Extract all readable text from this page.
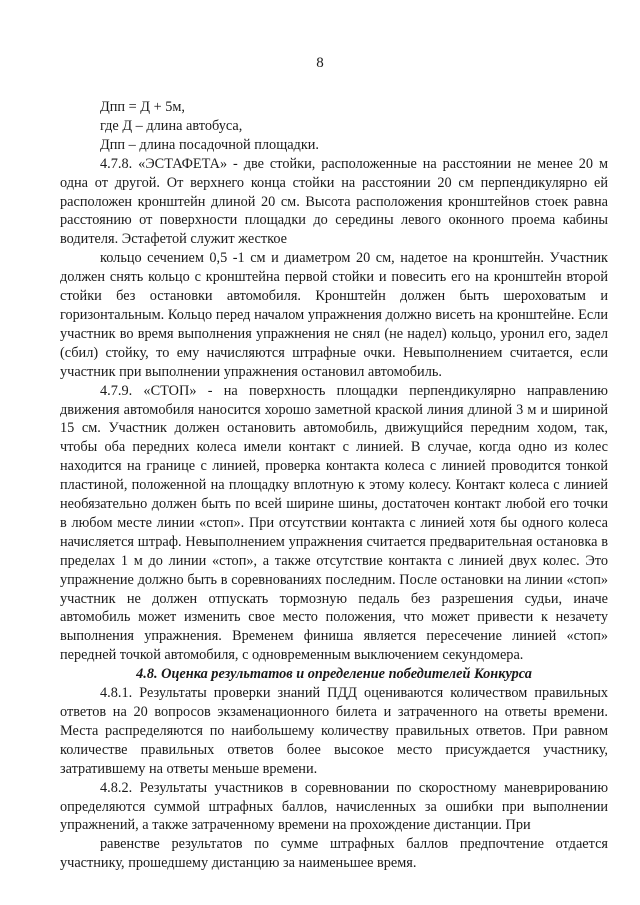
8

Дпп = Д + 5м,

где Д – длина автобуса,

Дпп – длина посадочной площадки.

4.7.8. «ЭСТАФЕТА» - две стойки, расположенные на расстоянии не менее 20 м одна от другой. От верхнего конца стойки на расстоянии 20 см перпендикулярно ей расположен кронштейн длиной 20 см. Высота расположения кронштейнов стоек равна расстоянию от поверхности площадки до середины левого оконного проема кабины водителя. Эстафетой служит жесткое

кольцо сечением 0,5 -1 см и диаметром 20 см, надетое на кронштейн. Участник должен снять кольцо с кронштейна первой стойки и повесить его на кронштейн второй стойки без остановки автомобиля. Кронштейн должен быть шероховатым и горизонтальным. Кольцо перед началом упражнения должно висеть на кронштейне. Если участник во время выполнения упражнения не снял (не надел) кольцо, уронил его, задел (сбил) стойку, то ему начисляются штрафные очки. Невыполнением считается, если участник при выполнении упражнения остановил автомобиль.

4.7.9. «СТОП» - на поверхность площадки перпендикулярно направлению движения автомобиля наносится хорошо заметной краской линия длиной 3 м и шириной 15 см. Участник должен остановить автомобиль, движущийся передним ходом, так, чтобы оба передних колеса имели контакт с линией. В случае, когда одно из колес находится на границе с линией, проверка контакта колеса с линией проводится тонкой пластиной, положенной на площадку вплотную к этому колесу. Контакт колеса с линией необязательно должен быть по всей ширине шины, достаточен контакт любой его точки в любом месте линии «стоп». При отсутствии контакта с линией хотя бы одного колеса начисляется штраф. Невыполнением упражнения считается предварительная остановка в пределах 1 м до линии «стоп», а также отсутствие контакта с линией двух колес. Это упражнение должно быть в соревнованиях последним. После остановки на линии «стоп» участник не должен отпускать тормозную педаль без разрешения судьи, иначе автомобиль может изменить свое место положения, что может привести к незачету выполнения упражнения. Временем финиша является пересечение линией «стоп» передней точкой автомобиля, с одновременным выключением секундомера.

4.8. Оценка результатов и определение победителей Конкурса

4.8.1. Результаты проверки знаний ПДД оцениваются количеством правильных ответов на 20 вопросов экзаменационного билета и затраченного на ответы времени. Места распределяются по наибольшему количеству правильных ответов. При равном количестве правильных ответов более высокое место присуждается участнику, затратившему на ответы меньше времени.

4.8.2. Результаты участников в соревновании по скоростному маневрированию определяются суммой штрафных баллов, начисленных за ошибки при выполнении упражнений, а также затраченному времени на прохождение дистанции. При

равенстве результатов по сумме штрафных баллов предпочтение отдается участнику, прошедшему дистанцию за наименьшее время.
